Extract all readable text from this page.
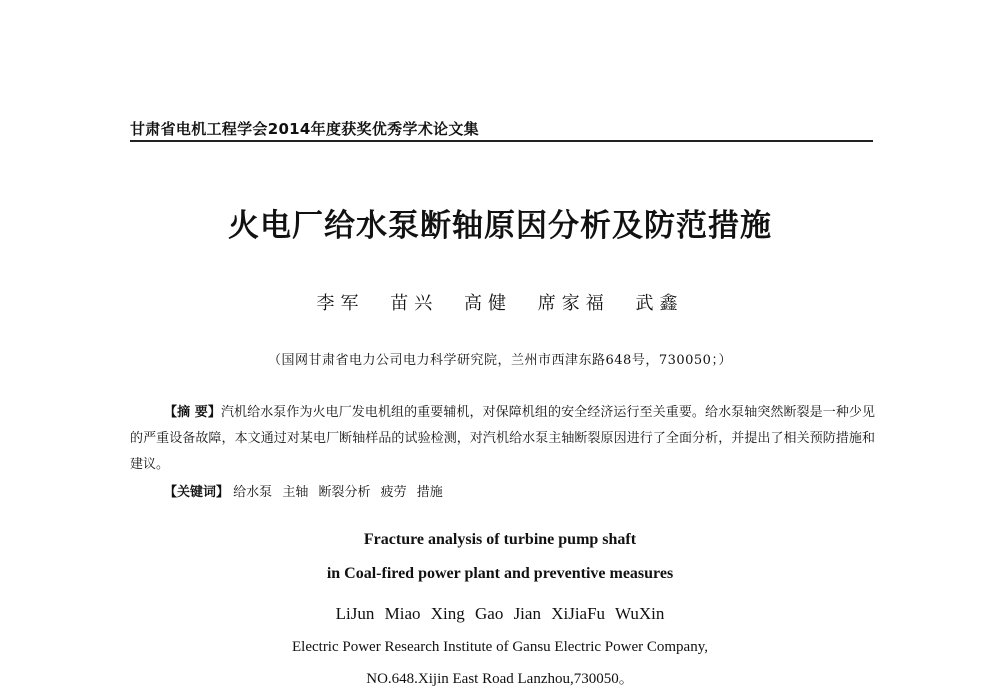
甘肃省电机工程学会2014年度获奖优秀学术论文集
火电厂给水泵断轴原因分析及防范措施
李军 苗兴 高健 席家福 武鑫
（国网甘肃省电力公司电力科学研究院，兰州市西津东路648号，730050；）
【摘 要】汽机给水泵作为火电厂发电机组的重要辅机，对保障机组的安全经济运行至关重要。给水泵轴突然断裂是一种少见的严重设备故障，本文通过对某电厂断轴样品的试验检测，对汽机给水泵主轴断裂原因进行了全面分析，并提出了相关预防措施和建议。
【关键词】 给水泵 主轴 断裂分析 疲劳 措施
Fracture analysis of turbine pump shaft
in Coal-fired power plant and preventive measures
LiJun Miao Xing Gao Jian XiJiaFu WuXin
Electric Power Research Institute of Gansu Electric Power Company,
NO.648.Xijin East Road Lanzhou,730050。
